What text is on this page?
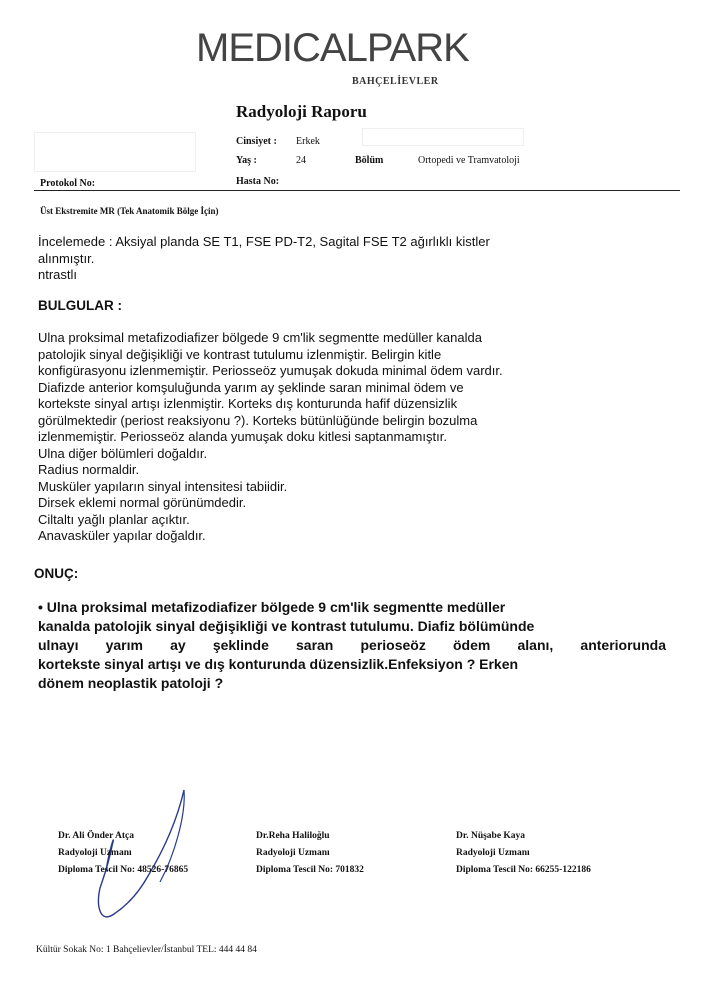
MEDICALPARK
BAHÇELİEVLER
Radyoloji Raporu
Cinsiyet : Erkek
Yaş :	24	Bölüm	Ortopedi ve Tramvatoloji
Protokol No:	Hasta No:
Üst Ekstremite MR (Tek Anatomik Bölge İçin)
İncelemede : Aksiyal planda SE T1, FSE PD-T2, Sagital FSE T2 ağırlıklı kistler
alınmıştır.
ntrastlı
BULGULAR :
Ulna proksimal metafizodiafizer bölgede 9 cm'lik segmentte medüller kanalda
patolojik sinyal değişikliği ve kontrast tutulumu izlenmiştir. Belirgin kitle
konfigürasyonu izlenmemiştir. Periosseöz yumuşak dokuda minimal ödem vardır.
Diafizde anterior komşuluğunda yarım ay şeklinde saran minimal ödem ve
kortekste sinyal artışı izlenmiştir. Korteks dış konturunda hafif düzensizlik
görülmektedir (periost reaksiyonu ?). Korteks bütünlüğünde belirgin bozulma
izlenmemiştir. Periosseöz alanda yumuşak doku kitlesi saptanmamıştır.
Ulna diğer bölümleri doğaldır.
Radius normaldir.
Musküler yapıların sinyal intensitesi tabiidir.
Dirsek eklemi normal görünümdedir.
Ciltaltı yağlı planlar açıktır.
Anavasküler yapılar doğaldır.
ONUÇ:
• Ulna proksimal metafizodiafizer bölgede 9 cm'lik segmentte medüller
kanalda patolojik sinyal değişikliği ve kontrast tutulumu. Diafiz bölümünde
ulnayı yarım ay şeklinde saran perioseöz ödem alanı, anteriorunda
kortekste sinyal artışı ve dış konturunda düzensizlik.Enfeksiyon ? Erken
dönem neoplastik patoloji ?
Dr. Ali Önder Atça
Radyoloji Uzmanı
Diploma Tescil No: 48526-76865
Dr.Reha Haliloğlu
Radyoloji Uzmanı
Diploma Tescil No: 701832
Dr. Nüşabe Kaya
Radyoloji Uzmanı
Diploma Tescil No: 66255-122186
Kültür Sokak No: 1 Bahçelievler/İstanbul TEL: 444 44 84
